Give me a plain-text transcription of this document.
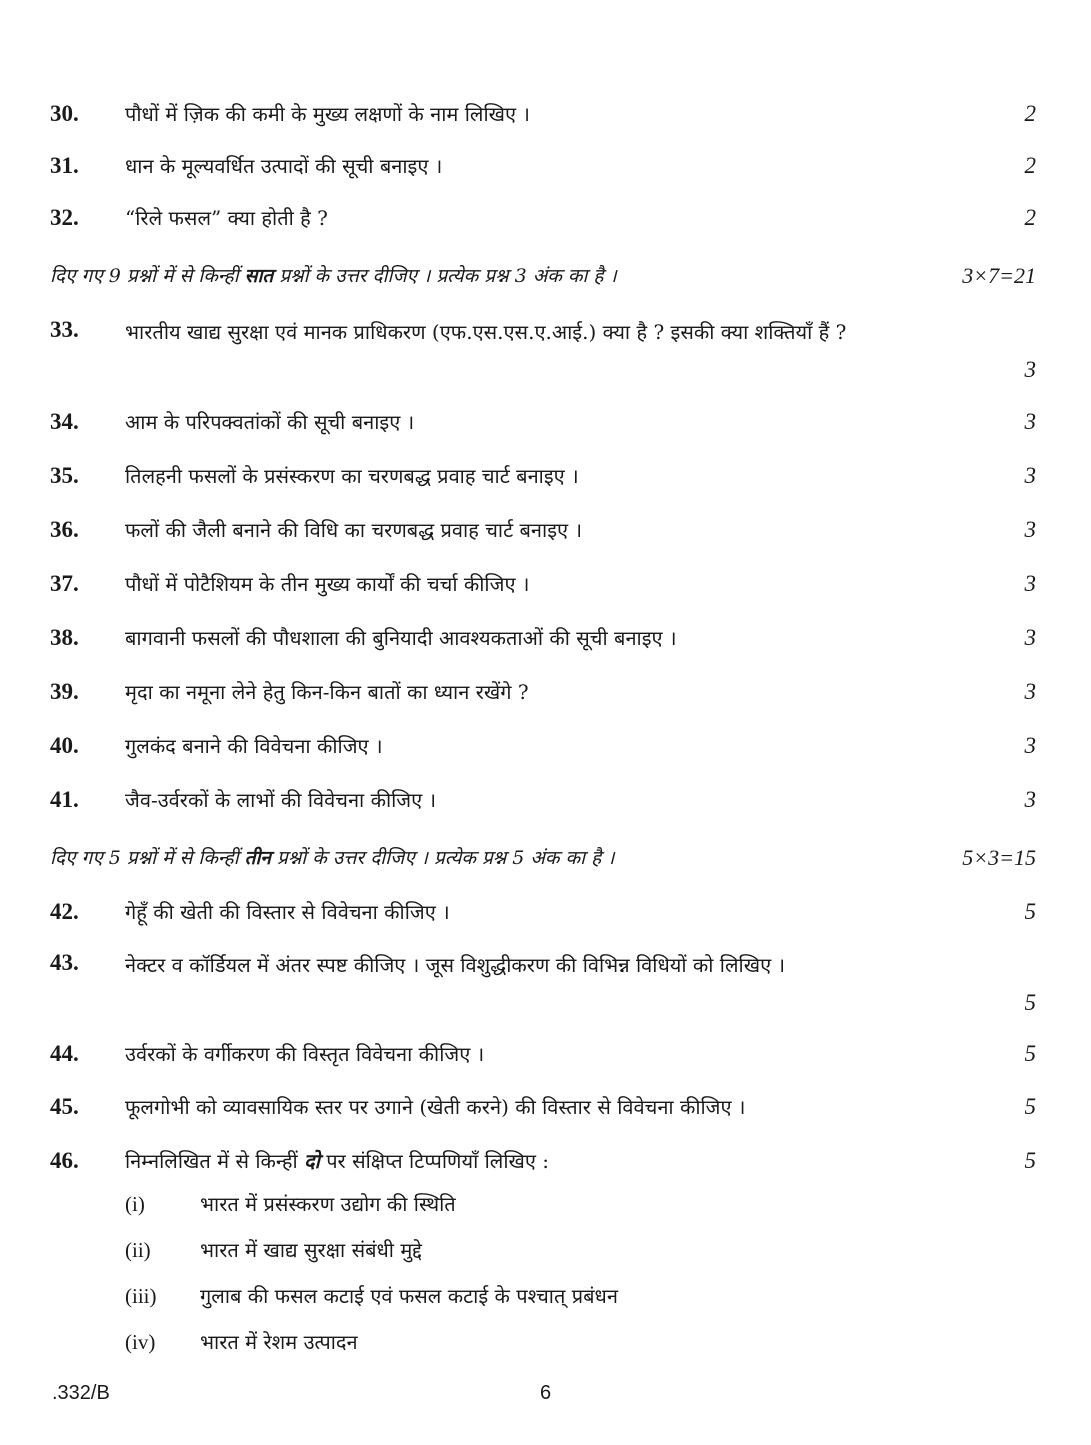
30. पौधों में ज़िक की कमी के मुख्य लक्षणों के नाम लिखिए ।	2
31. धान के मूल्यवर्धित उत्पादों की सूची बनाइए ।	2
32. “रिले फसल” क्या होती है ?	2
दिए गए 9 प्रश्नों में से किन्हीं सात प्रश्नों के उत्तर दीजिए । प्रत्येक प्रश्न 3 अंक का है ।	3×7=21
33. भारतीय खाद्य सुरक्षा एवं मानक प्राधिकरण (एफ.एस.एस.ए.आई.) क्या है ? इसकी क्या शक्तियाँ हैं ?
3
34. आम के परिपक्वतांकों की सूची बनाइए ।	3
35. तिलहनी फसलों के प्रसंस्करण का चरणबद्ध प्रवाह चार्ट बनाइए ।	3
36. फलों की जैली बनाने की विधि का चरणबद्ध प्रवाह चार्ट बनाइए ।	3
37. पौधों में पोटैशियम के तीन मुख्य कार्यों की चर्चा कीजिए ।	3
38. बागवानी फसलों की पौधशाला की बुनियादी आवश्यकताओं की सूची बनाइए ।	3
39. मृदा का नमूना लेने हेतु किन-किन बातों का ध्यान रखेंगे ?	3
40. गुलकंद बनाने की विवेचना कीजिए ।	3
41. जैव-उर्वरकों के लाभों की विवेचना कीजिए ।	3
दिए गए 5 प्रश्नों में से किन्हीं तीन प्रश्नों के उत्तर दीजिए । प्रत्येक प्रश्न 5 अंक का है ।	5×3=15
42. गेहूँ की खेती की विस्तार से विवेचना कीजिए ।	5
43. नेक्टर व कॉर्डियल में अंतर स्पष्ट कीजिए । जूस विशुद्धीकरण की विभिन्न विधियों को लिखिए ।
5
44. उर्वरकों के वर्गीकरण की विस्तृत विवेचना कीजिए ।	5
45. फूलगोभी को व्यावसायिक स्तर पर उगाने (खेती करने) की विस्तार से विवेचना कीजिए ।	5
46. निम्नलिखित में से किन्हीं दो पर संक्षिप्त टिप्पणियाँ लिखिए :	5
(i)	भारत में प्रसंस्करण उद्योग की स्थिति
(ii) भारत में खाद्य सुरक्षा संबंधी मुद्दे
(iii) गुलाब की फसल कटाई एवं फसल कटाई के पश्चात् प्रबंधन
(iv) भारत में रेशम उत्पादन
.332/B	6
